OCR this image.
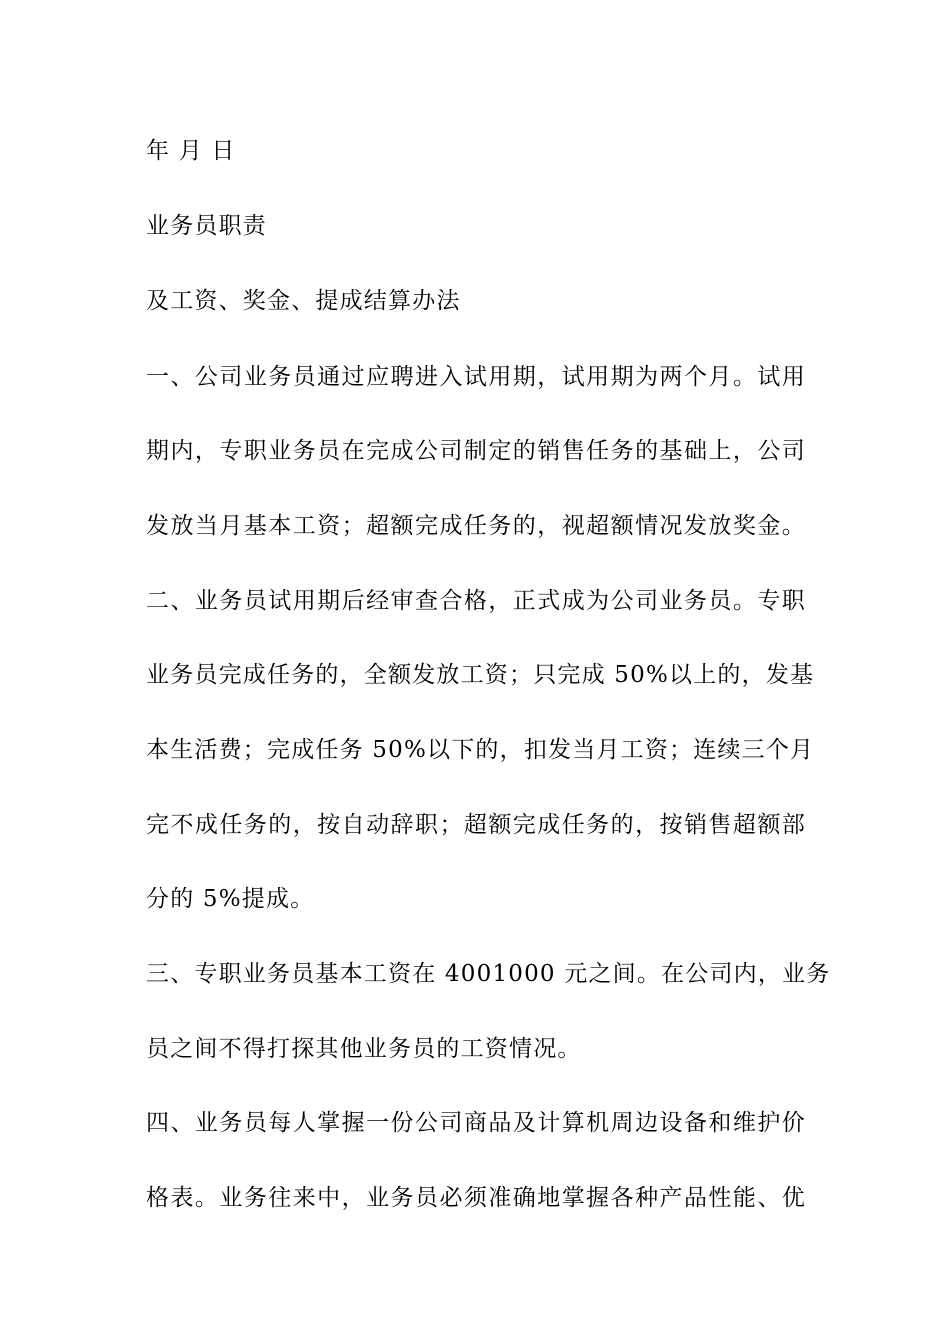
年 月 日
业务员职责
及工资、奖金、提成结算办法
一、公司业务员通过应聘进入试用期，试用期为两个月。试用
期内，专职业务员在完成公司制定的销售任务的基础上，公司
发放当月基本工资；超额完成任务的，视超额情况发放奖金。
二、业务员试用期后经审查合格，正式成为公司业务员。专职
业务员完成任务的，全额发放工资；只完成 50%以上的，发基
本生活费；完成任务 50%以下的，扣发当月工资；连续三个月
完不成任务的，按自动辞职；超额完成任务的，按销售超额部
分的 5%提成。
三、专职业务员基本工资在 4001000 元之间。在公司内，业务
员之间不得打探其他业务员的工资情况。
四、业务员每人掌握一份公司商品及计算机周边设备和维护价
格表。业务往来中，业务员必须准确地掌握各种产品性能、优
